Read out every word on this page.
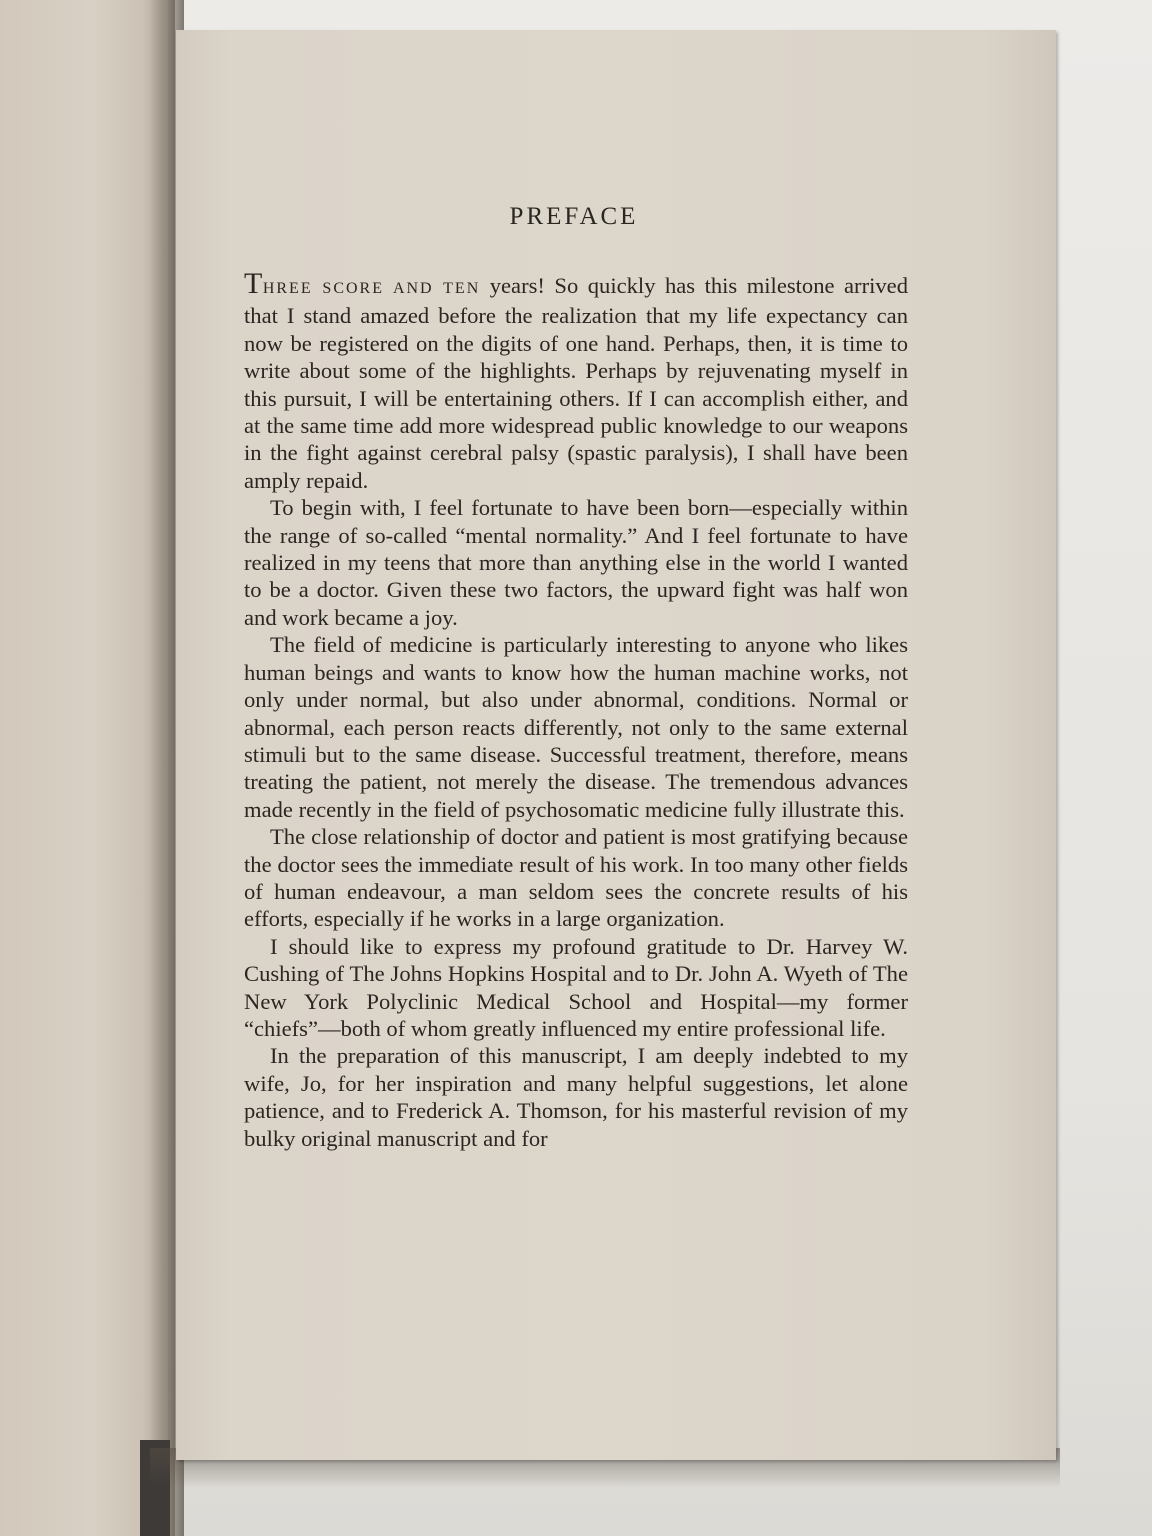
PREFACE

THREE SCORE AND TEN years! So quickly has this milestone arrived that I stand amazed before the realization that my life expectancy can now be registered on the digits of one hand. Perhaps, then, it is time to write about some of the highlights. Perhaps by rejuvenating myself in this pursuit, I will be entertaining others. If I can accomplish either, and at the same time add more widespread public knowledge to our weapons in the fight against cerebral palsy (spastic paralysis), I shall have been amply repaid.

To begin with, I feel fortunate to have been born—especially within the range of so-called “mental normality.” And I feel fortunate to have realized in my teens that more than anything else in the world I wanted to be a doctor. Given these two factors, the upward fight was half won and work became a joy.

The field of medicine is particularly interesting to anyone who likes human beings and wants to know how the human machine works, not only under normal, but also under abnormal, conditions. Normal or abnormal, each person reacts differently, not only to the same external stimuli but to the same disease. Successful treatment, therefore, means treating the patient, not merely the disease. The tremendous advances made recently in the field of psychosomatic medicine fully illustrate this.

The close relationship of doctor and patient is most gratifying because the doctor sees the immediate result of his work. In too many other fields of human endeavour, a man seldom sees the concrete results of his efforts, especially if he works in a large organization.

I should like to express my profound gratitude to Dr. Harvey W. Cushing of The Johns Hopkins Hospital and to Dr. John A. Wyeth of The New York Polyclinic Medical School and Hospital—my former “chiefs”—both of whom greatly influenced my entire professional life.

In the preparation of this manuscript, I am deeply indebted to my wife, Jo, for her inspiration and many helpful suggestions, let alone patience, and to Frederick A. Thomson, for his masterful revision of my bulky original manuscript and for
